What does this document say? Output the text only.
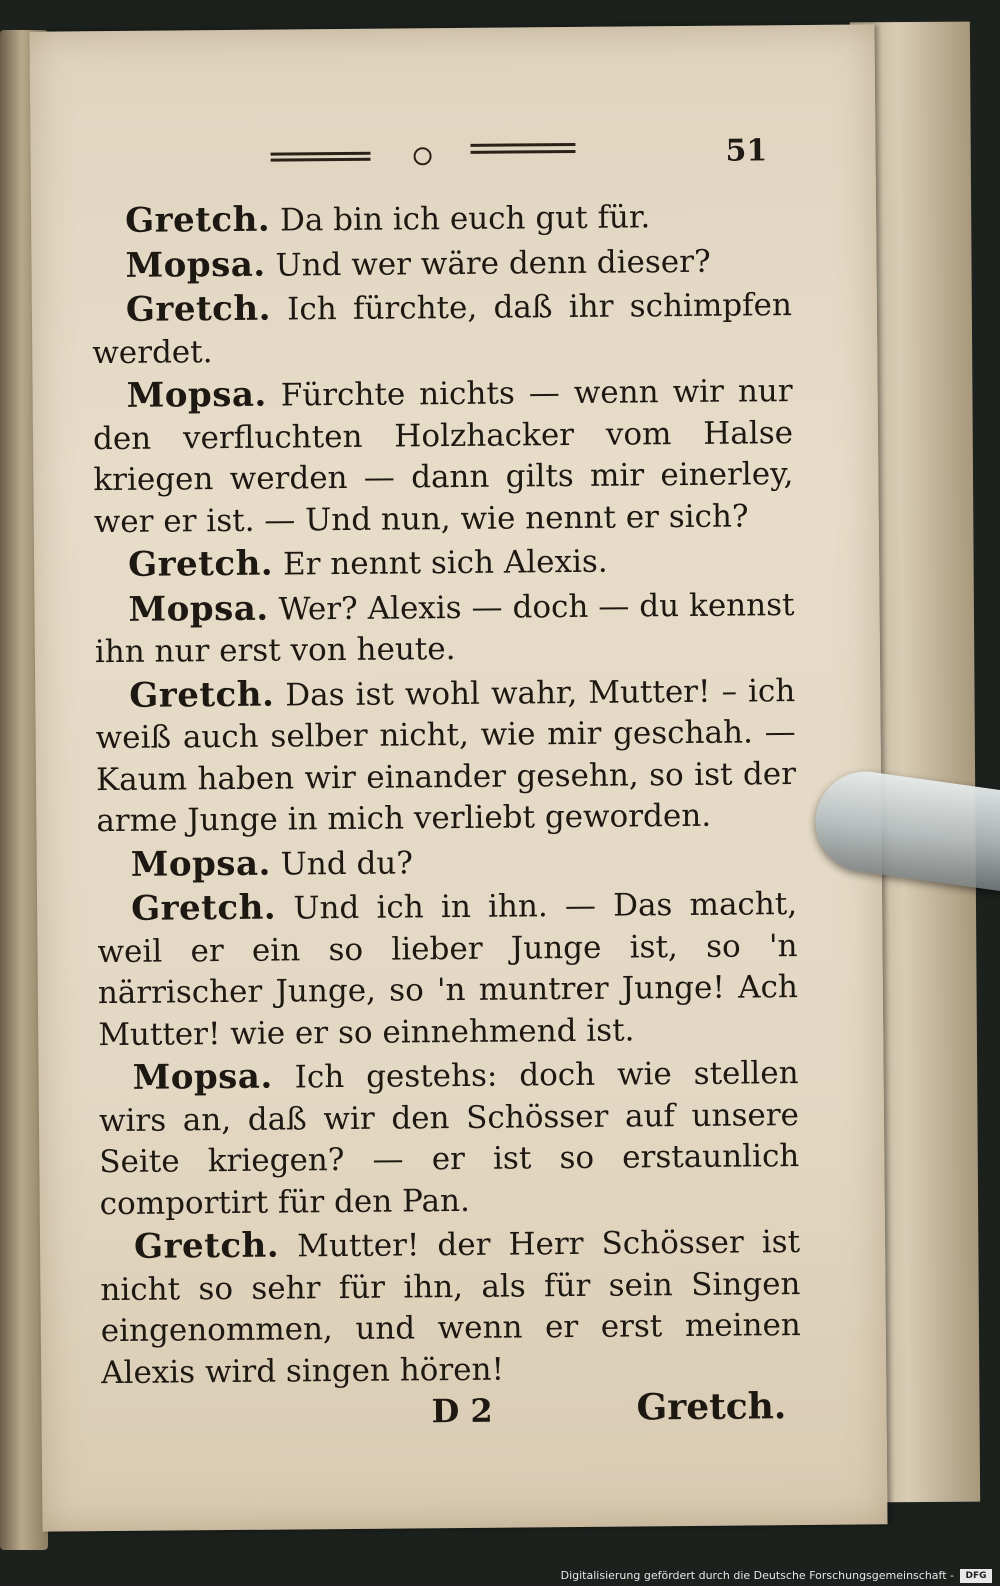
51

Gretch. Da bin ich euch gut für.

Mopsa. Und wer wäre denn dieser?

Gretch. Ich fürchte, daß ihr schimpfen werdet.

Mopsa. Fürchte nichts — wenn wir nur den verfluchten Holzhacker vom Halse kriegen werden — dann gilts mir einerley, wer er ist. — Und nun, wie nennt er sich?

Gretch. Er nennt sich Alexis.

Mopsa. Wer? Alexis — doch — du kennst ihn nur erst von heute.

Gretch. Das ist wohl wahr, Mutter! – ich weiß auch selber nicht, wie mir geschah. — Kaum haben wir einander gesehn, so ist der arme Junge in mich verliebt geworden.

Mopsa. Und du?

Gretch. Und ich in ihn. — Das macht, weil er ein so lieber Junge ist, so 'n närrischer Junge, so 'n muntrer Junge! Ach Mutter! wie er so einnehmend ist.

Mopsa. Ich gestehs: doch wie stellen wirs an, daß wir den Schösser auf unsere Seite kriegen? — er ist so erstaunlich comportirt für den Pan.

Gretch. Mutter! der Herr Schösser ist nicht so sehr für ihn, als für sein Singen eingenommen, und wenn er erst meinen Alexis wird singen hören!

D 2	Gretch.
Digitalisierung gefördert durch die Deutsche Forschungsgemeinschaft -	DFG
